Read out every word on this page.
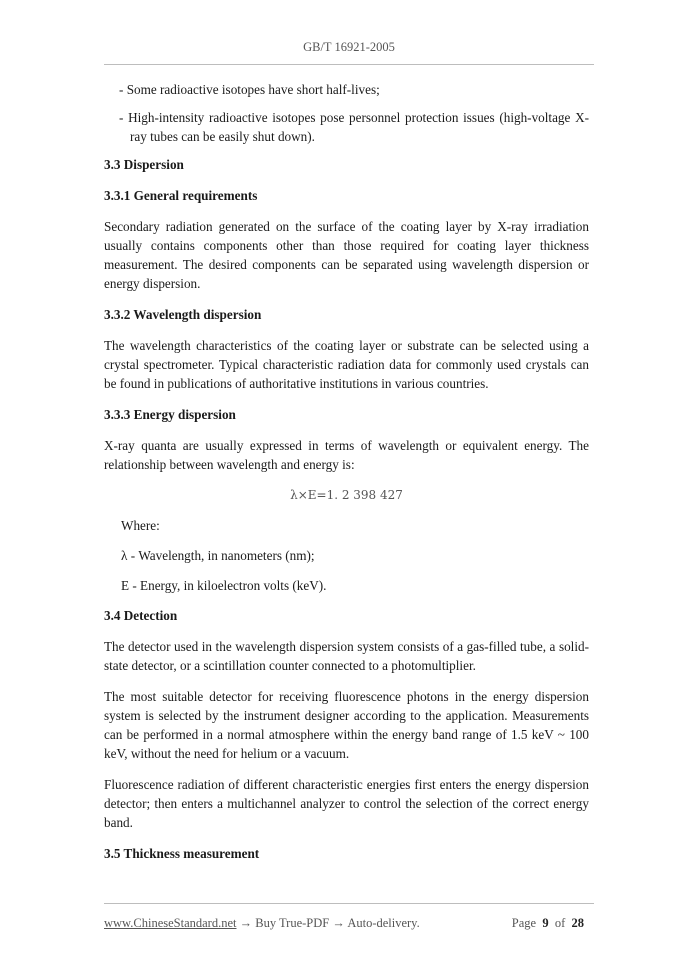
GB/T 16921-2005

- Some radioactive isotopes have short half-lives;

- High-intensity radioactive isotopes pose personnel protection issues (high-voltage X-ray tubes can be easily shut down).

3.3 Dispersion
3.3.1 General requirements

Secondary radiation generated on the surface of the coating layer by X-ray irradiation usually contains components other than those required for coating layer thickness measurement. The desired components can be separated using wavelength dispersion or energy dispersion.

3.3.2 Wavelength dispersion

The wavelength characteristics of the coating layer or substrate can be selected using a crystal spectrometer. Typical characteristic radiation data for commonly used crystals can be found in publications of authoritative institutions in various countries.

3.3.3 Energy dispersion

X-ray quanta are usually expressed in terms of wavelength or equivalent energy. The relationship between wavelength and energy is:

λ×E=1. 2 398 427

Where:

λ - Wavelength, in nanometers (nm);

E - Energy, in kiloelectron volts (keV).

3.4 Detection

The detector used in the wavelength dispersion system consists of a gas-filled tube, a solid-state detector, or a scintillation counter connected to a photomultiplier.

The most suitable detector for receiving fluorescence photons in the energy dispersion system is selected by the instrument designer according to the application. Measurements can be performed in a normal atmosphere within the energy band range of 1.5 keV ~ 100 keV, without the need for helium or a vacuum.

Fluorescence radiation of different characteristic energies first enters the energy dispersion detector; then enters a multichannel analyzer to control the selection of the correct energy band.

3.5 Thickness measurement
www.ChineseStandard.net → Buy True-PDF → Auto-delivery.	Page 9 of 28
